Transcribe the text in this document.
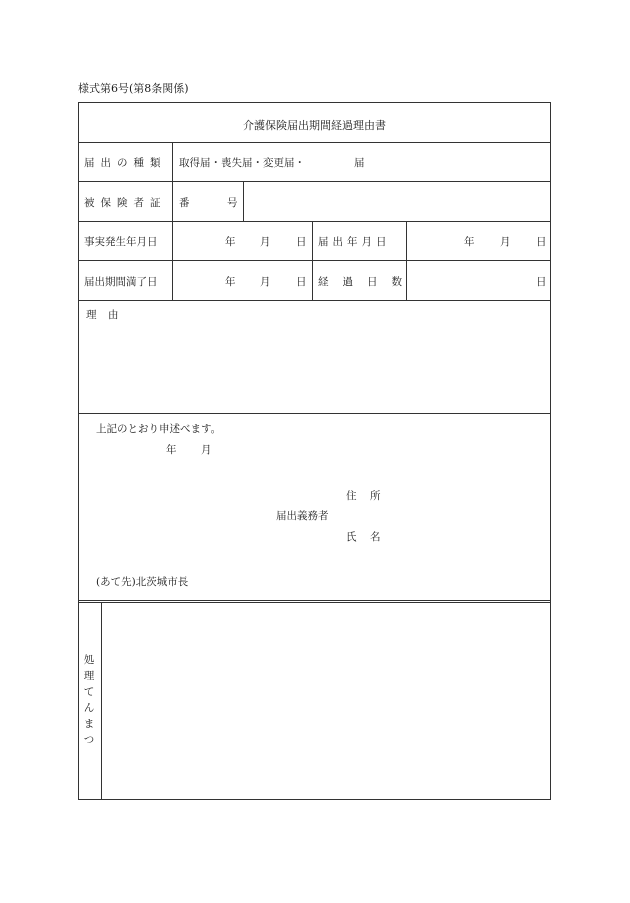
様式第6号(第8条関係)
介護保険届出期間経過理由書
届出の種類 取得届・喪失届・変更届・	届
被保険者証 番	号
事実発生年月日	年 月 日 届出年月日	年 月 日
届出期間満了日	年 月 日 経過日数	日
理 由
上記のとおり申述べます。
年 月
住 所
届出義務者
氏 名
(あて先)北茨城市長
処
理
て
ん
ま
つ
